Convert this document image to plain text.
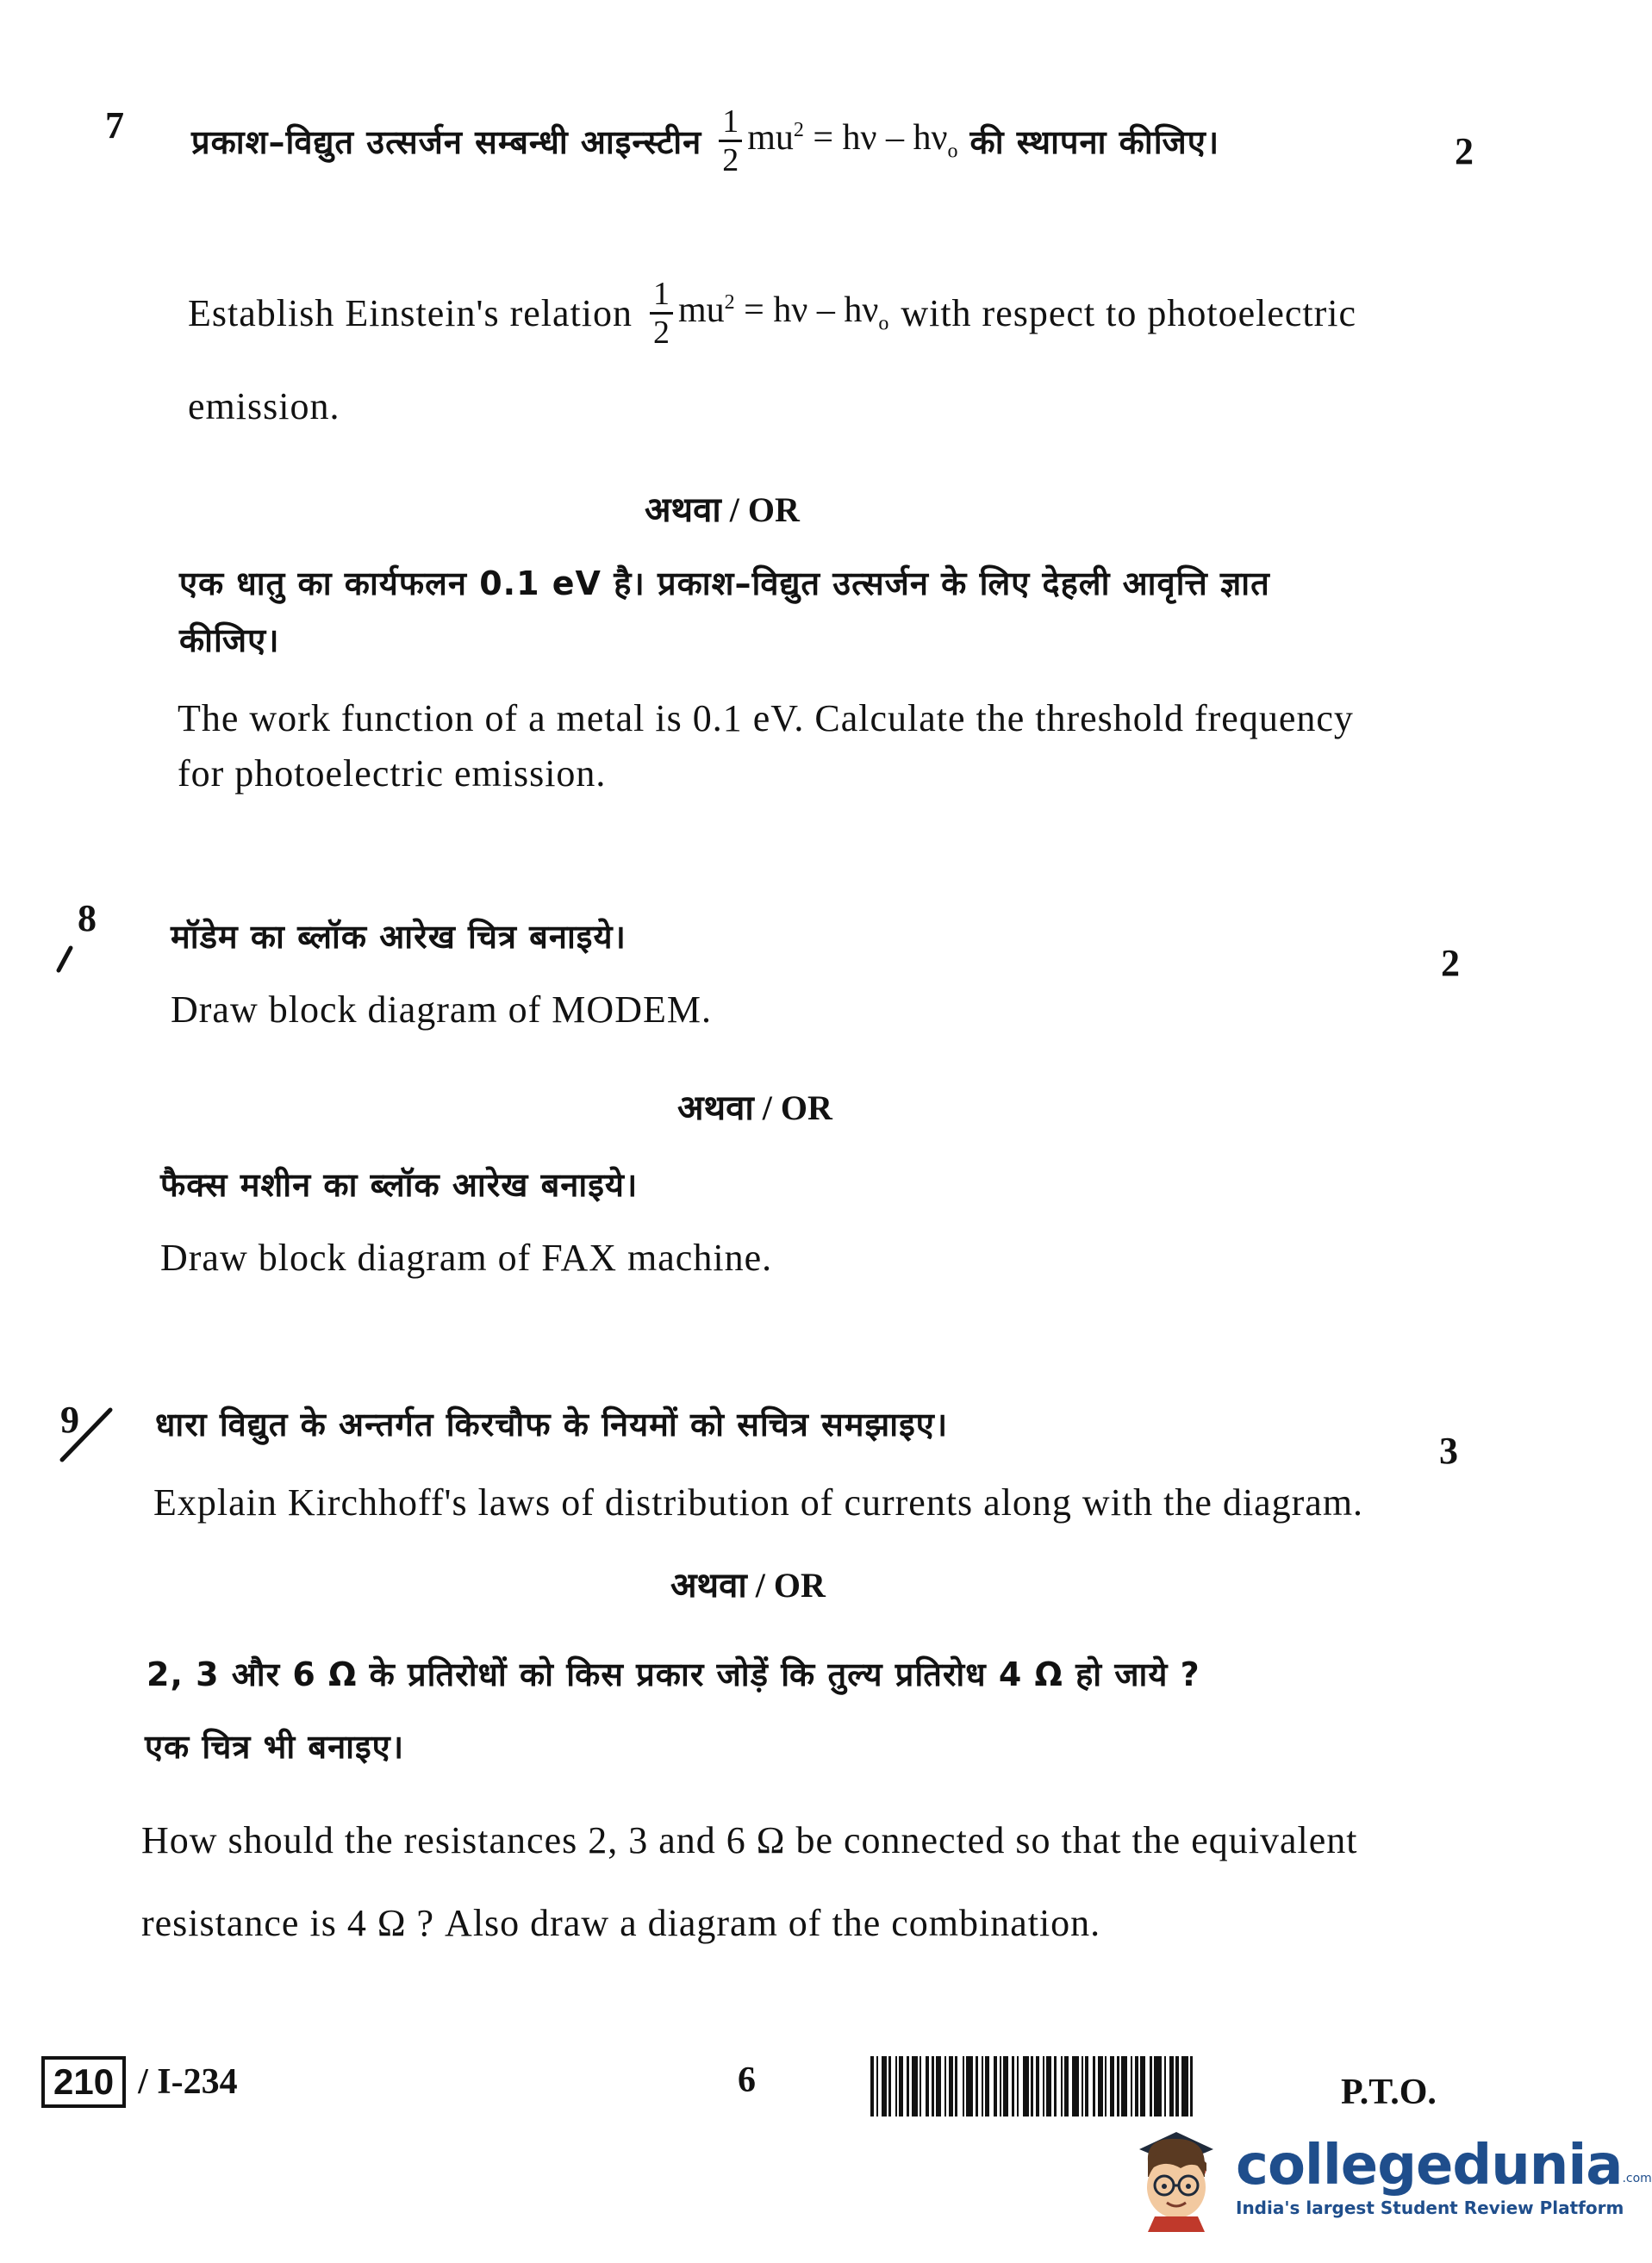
7
2
प्रकाश–विद्युत उत्सर्जन सम्बन्धी आइन्स्टीन $\frac{1}{2} mu^2 = h\nu - h\nu_o$ की स्थापना कीजिए।
Establish Einstein's relation $\frac{1}{2} mu^2 = h\nu - h\nu_o$ with respect to photoelectric
emission.
अथवा / OR
एक धातु का कार्यफलन 0.1 eV है। प्रकाश–विद्युत उत्सर्जन के लिए देहली आवृत्ति ज्ञात
कीजिए।
The work function of a metal is 0.1 eV. Calculate the threshold frequency
for photoelectric emission.
8
2
मॉडेम का ब्लॉक आरेख चित्र बनाइये।
Draw block diagram of MODEM.
अथवा / OR
फैक्स मशीन का ब्लॉक आरेख बनाइये।
Draw block diagram of FAX machine.
9
3
धारा विद्युत के अन्तर्गत किरचौफ के नियमों को सचित्र समझाइए।
Explain Kirchhoff's laws of distribution of currents along with the diagram.
अथवा / OR
2, 3 और 6 Ω के प्रतिरोधों को किस प्रकार जोड़ें कि तुल्य प्रतिरोध 4 Ω हो जाये ?
एक चित्र भी बनाइए।
How should the resistances 2, 3 and 6 Ω be connected so that the equivalent
resistance is 4 Ω ? Also draw a diagram of the combination.
210 / I-234	6	P.T.O.
collegedunia .com
India's largest Student Review Platform
